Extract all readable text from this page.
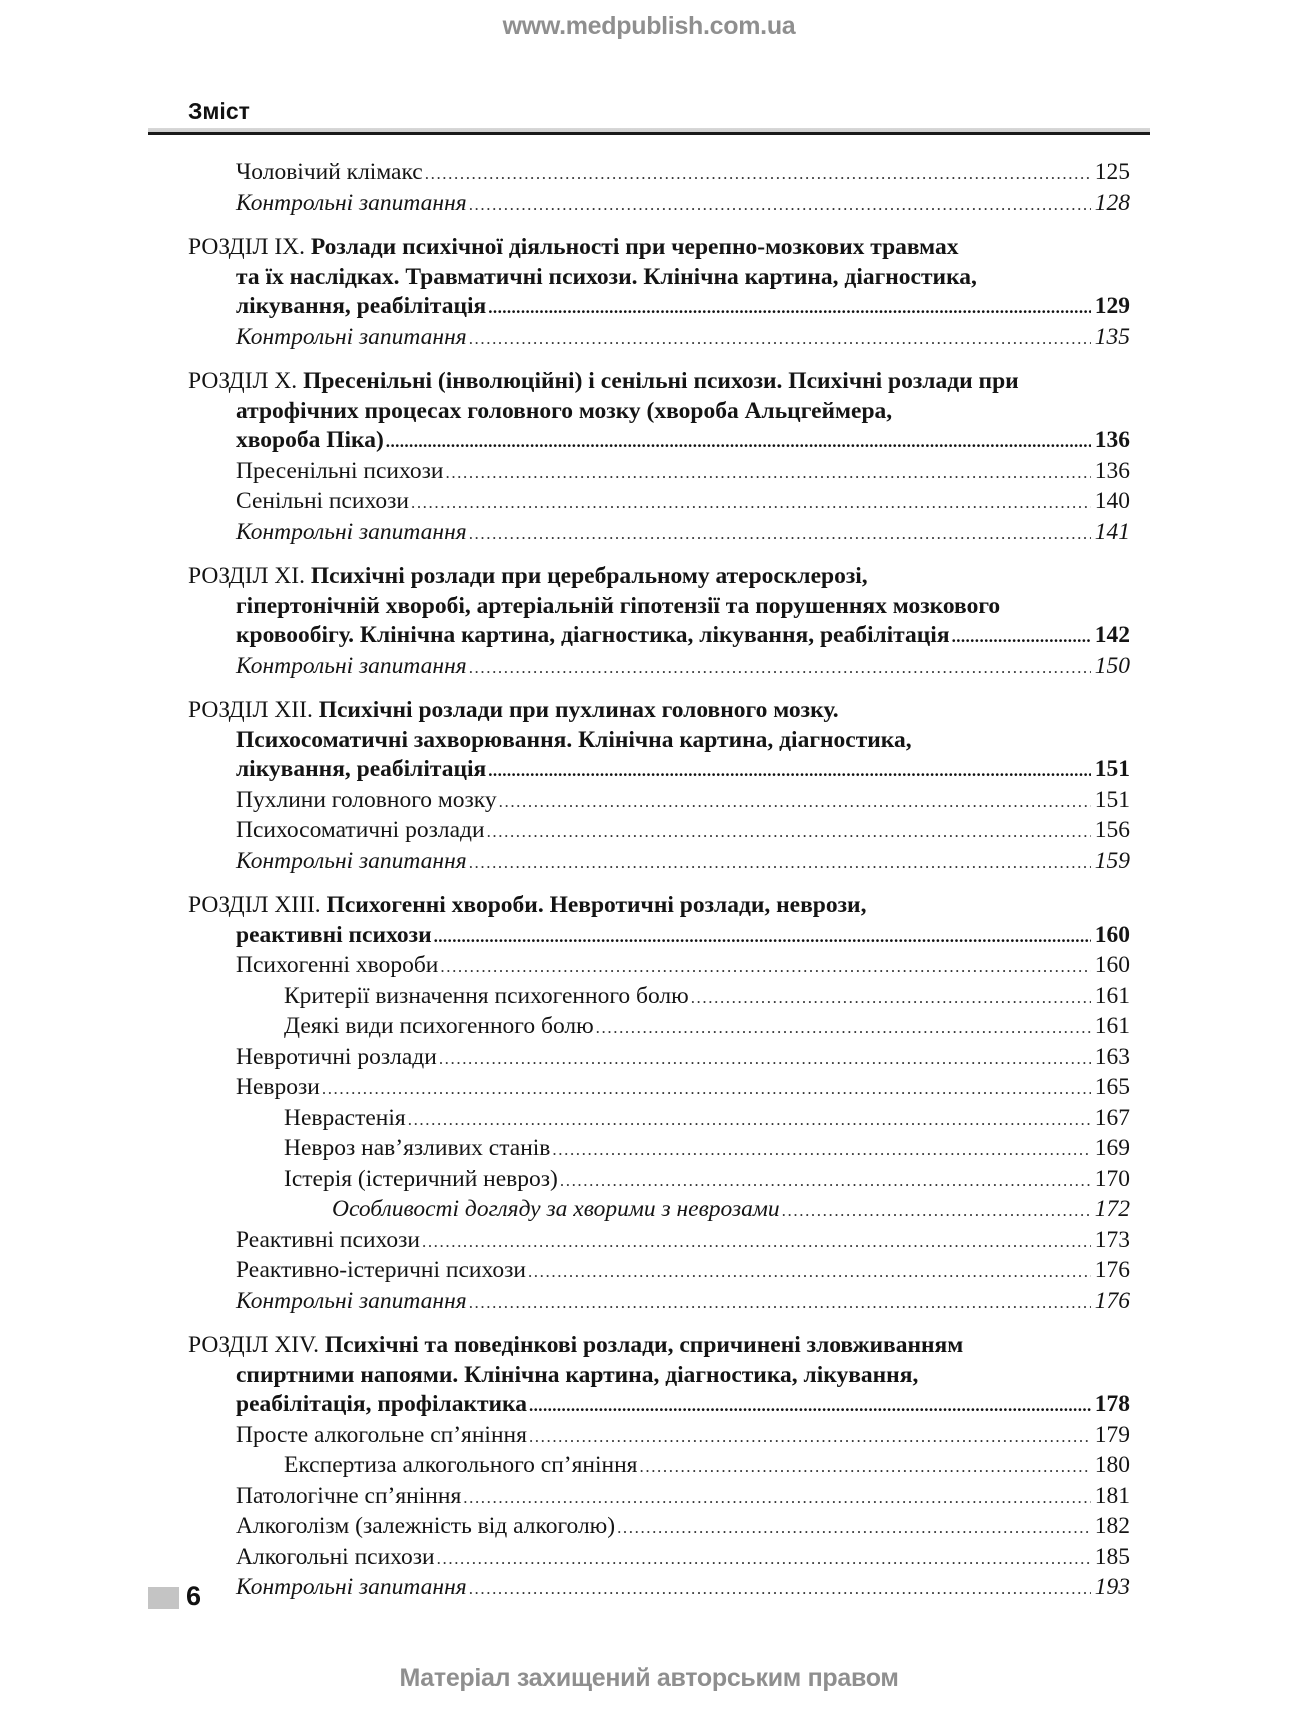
www.medpublish.com.ua
Зміст
Чоловічий клімакс .....	125
Контрольні запитання .....	128
РОЗДІЛ IX. Розлади психічної діяльності при черепно-мозкових травмах
та їх наслідках. Травматичні психози. Клінічна картина, діагностика,
лікування, реабілітація .....	129
Контрольні запитання .....	135
РОЗДІЛ X. Пресенільні (інволюційні) і сенільні психози. Психічні розлади при
атрофічних процесах головного мозку (хвороба Альцгеймера,
хвороба Піка) .....	136
Пресенільні психози .....	136
Сенільні психози .....	140
Контрольні запитання .....	141
РОЗДІЛ XI. Психічні розлади при церебральному атеросклерозі,
гіпертонічній хворобі, артеріальній гіпотензії та порушеннях мозкового
кровообігу. Клінічна картина, діагностика, лікування, реабілітація .....	142
Контрольні запитання .....	150
РОЗДІЛ XII. Психічні розлади при пухлинах головного мозку.
Психосоматичні захворювання. Клінічна картина, діагностика,
лікування, реабілітація .....	151
Пухлини головного мозку .....	151
Психосоматичні розлади .....	156
Контрольні запитання .....	159
РОЗДІЛ XIII. Психогенні хвороби. Невротичні розлади, неврози,
реактивні психози .....	160
Психогенні хвороби .....	160
Критерії визначення психогенного болю .....	161
Деякі види психогенного болю .....	161
Невротичні розлади .....	163
Неврози .....	165
Неврастенія .....	167
Невроз нав’язливих станів .....	169
Істерія (істеричний невроз) .....	170
Особливості догляду за хворими з неврозами .....	172
Реактивні психози .....	173
Реактивно-істеричні психози .....	176
Контрольні запитання .....	176
РОЗДІЛ XIV. Психічні та поведінкові розлади, спричинені зловживанням
спиртними напоями. Клінічна картина, діагностика, лікування,
реабілітація, профілактика .....	178
Просте алкогольне сп’яніння .....	179
Експертиза алкогольного сп’яніння .....	180
Патологічне сп’яніння .....	181
Алкоголізм (залежність від алкоголю) .....	182
Алкогольні психози .....	185
Контрольні запитання .....	193
6
Матеріал захищений авторським правом
